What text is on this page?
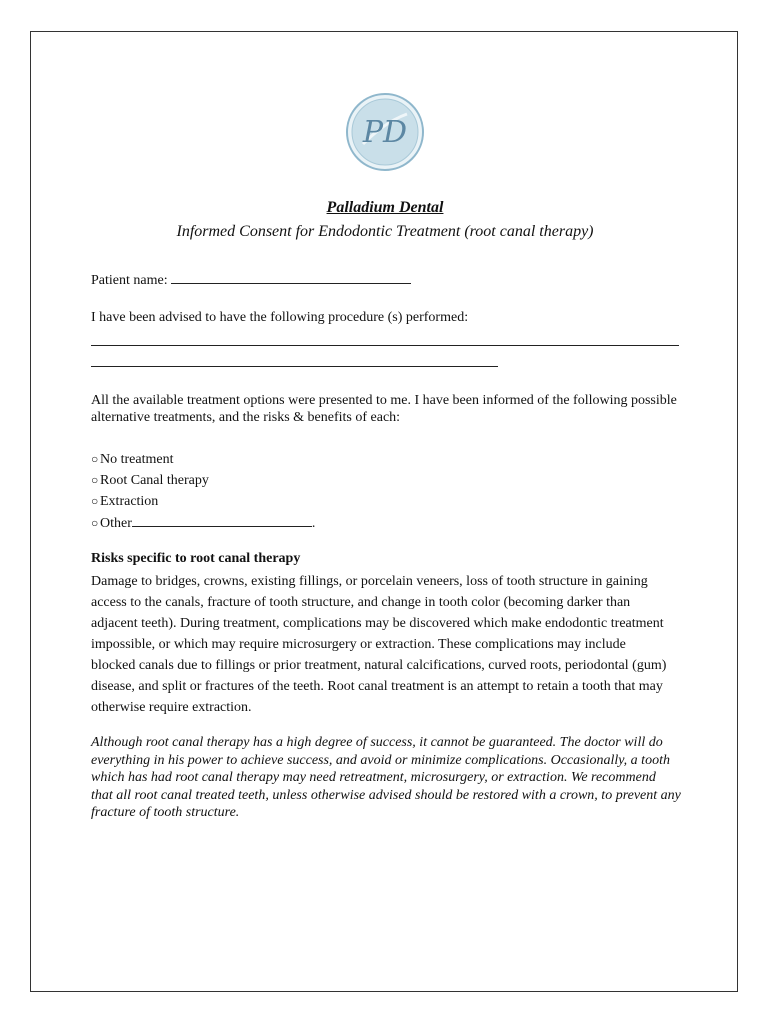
PD
Palladium Dental
Informed Consent for Endodontic Treatment (root canal therapy)
Patient name:
I have been advised to have the following procedure (s) performed:
All the available treatment options were presented to me. I have been informed of the following possible alternative treatments, and the risks & benefits of each:
○ No treatment
○ Root Canal therapy
○ Extraction
○ Other	.
Risks specific to root canal therapy
Damage to bridges, crowns, existing fillings, or porcelain veneers, loss of tooth structure in gaining access to the canals, fracture of tooth structure, and change in tooth color (becoming darker than adjacent teeth). During treatment, complications may be discovered which make endodontic treatment impossible, or which may require microsurgery or extraction. These complications may include blocked canals due to fillings or prior treatment, natural calcifications, curved roots, periodontal (gum) disease, and split or fractures of the teeth. Root canal treatment is an attempt to retain a tooth that may otherwise require extraction.
Although root canal therapy has a high degree of success, it cannot be guaranteed. The doctor will do everything in his power to achieve success, and avoid or minimize complications. Occasionally, a tooth which has had root canal therapy may need retreatment, microsurgery, or extraction. We recommend that all root canal treated teeth, unless otherwise advised should be restored with a crown, to prevent any fracture of tooth structure.
